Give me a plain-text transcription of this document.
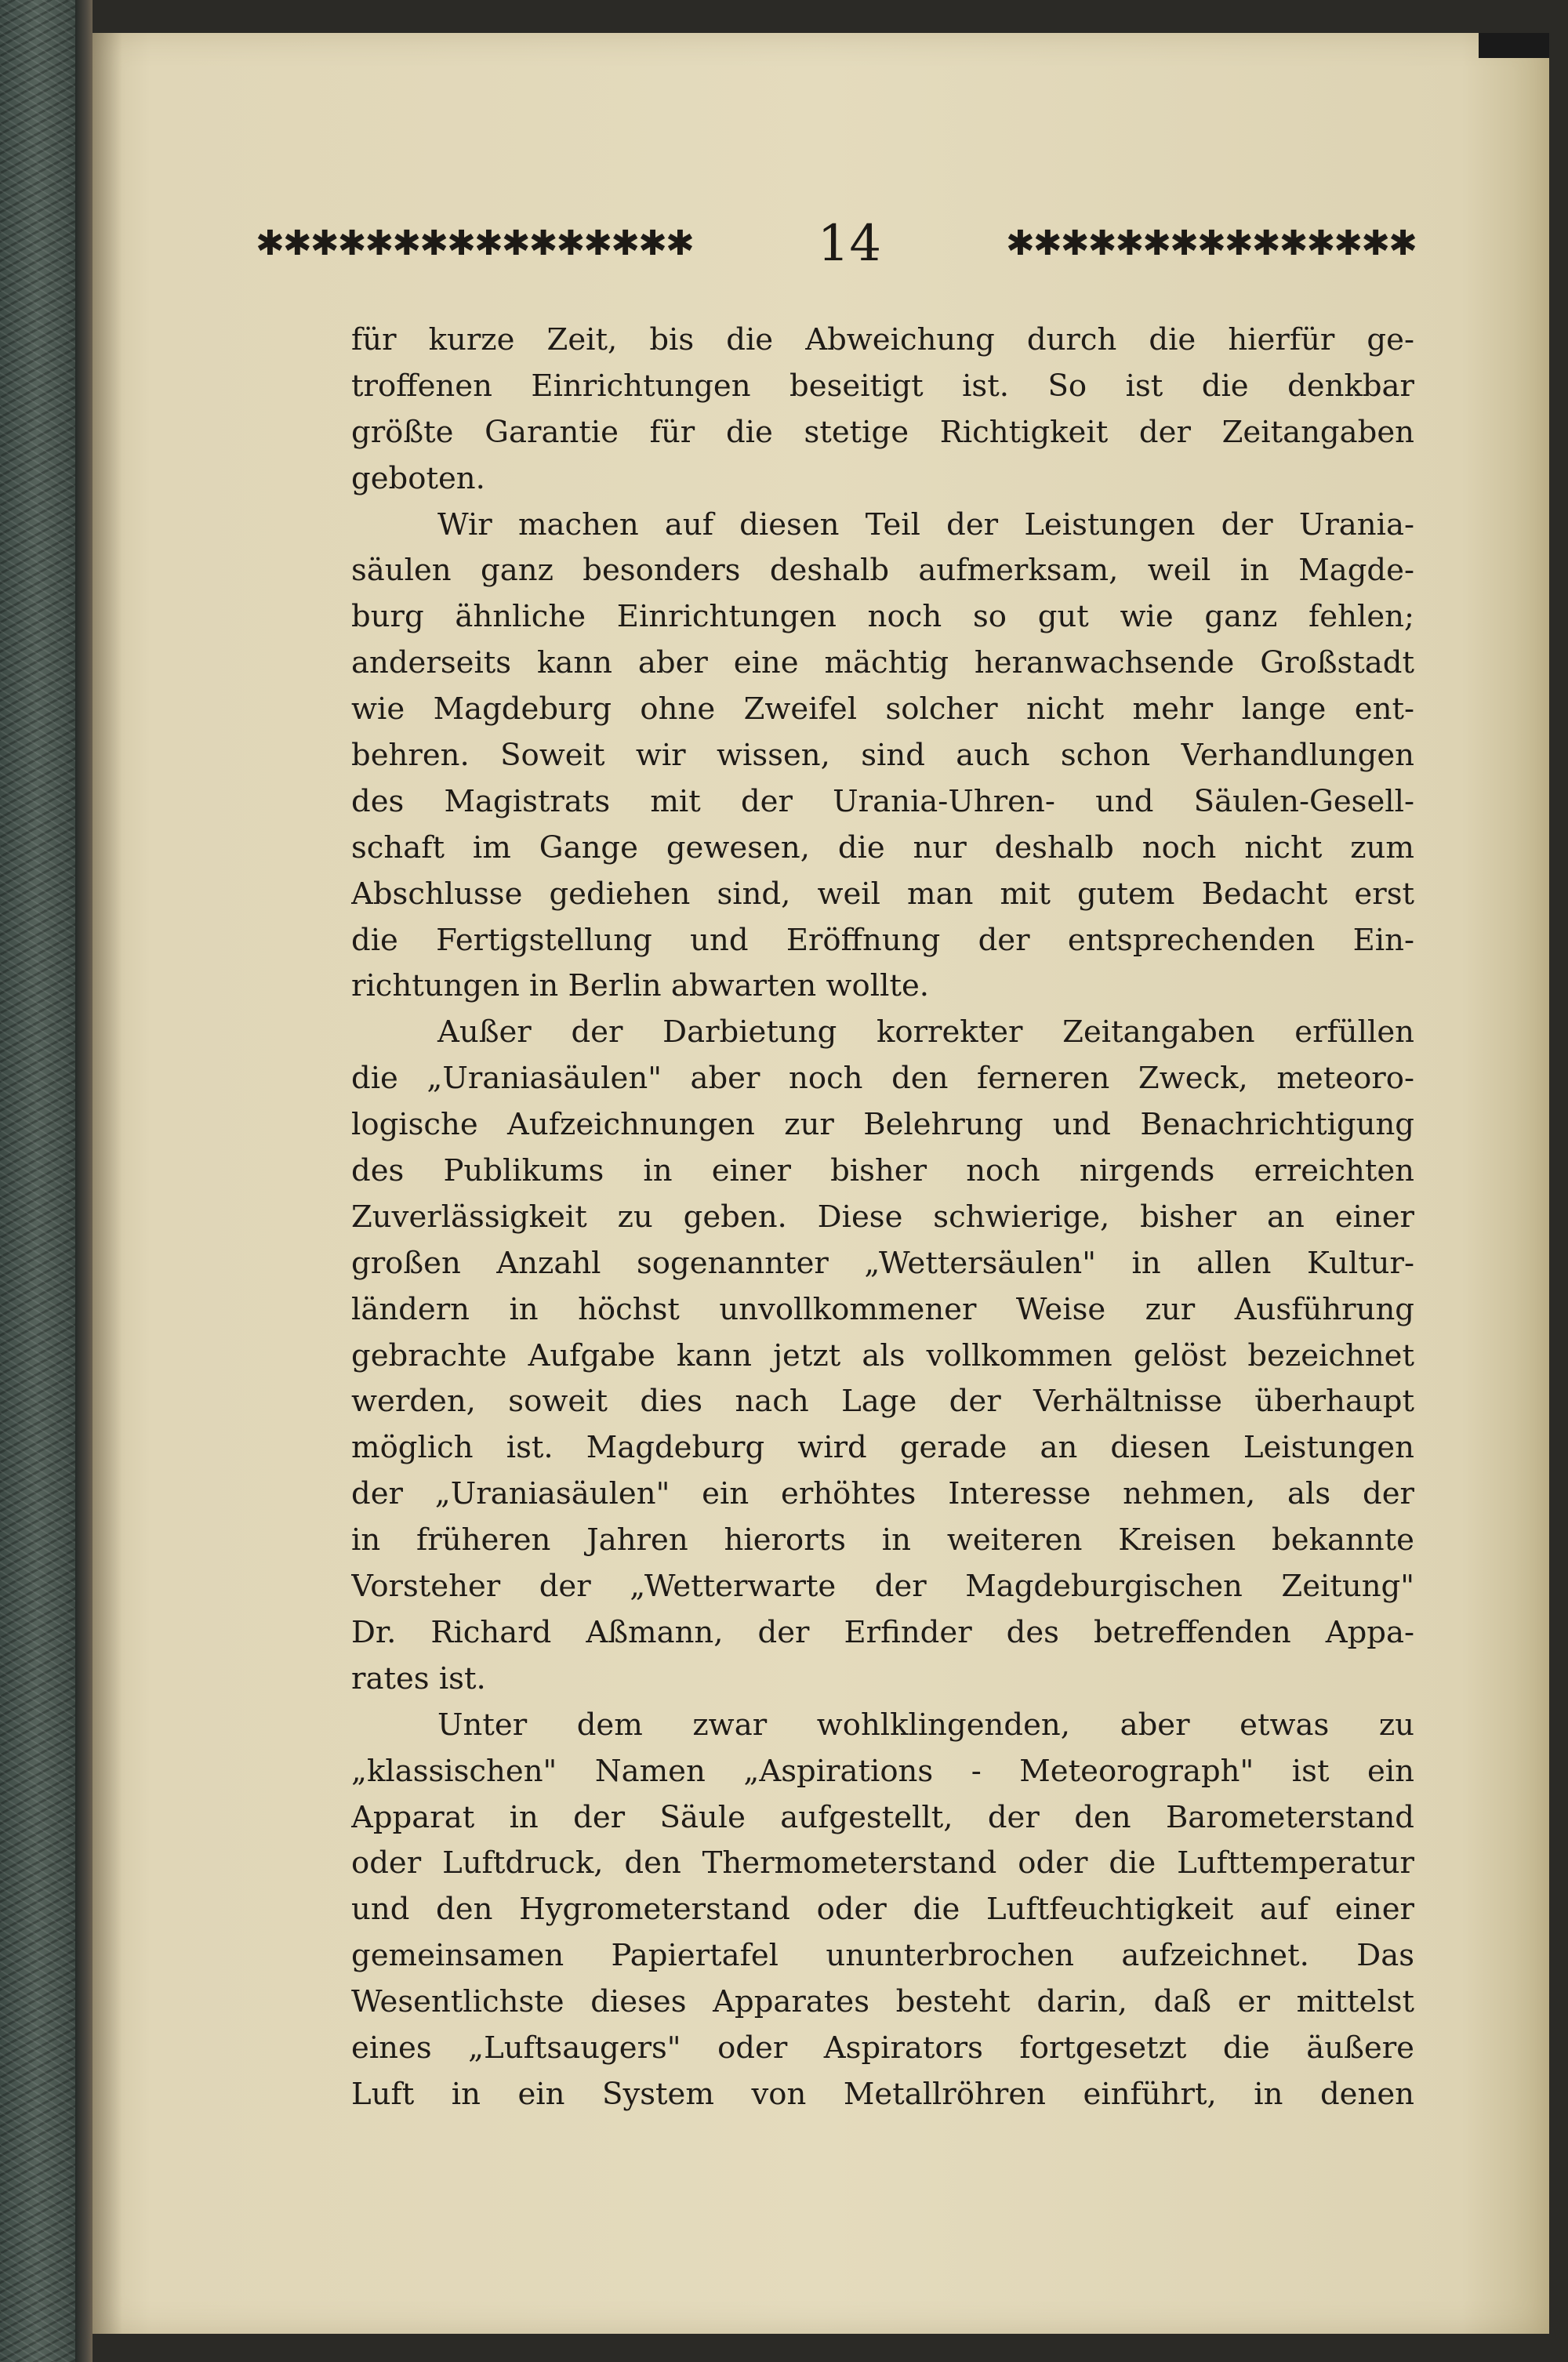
✱✱✱✱✱✱✱✱✱✱✱✱✱✱✱✱ 14	✱✱✱✱✱✱✱✱✱✱✱✱✱✱✱
für kurze Zeit, bis die Abweichung durch die hierfür ge-
troffenen Einrichtungen beseitigt ist. So ist die denkbar
größte Garantie für die stetige Richtigkeit der Zeitangaben
geboten.
Wir machen auf diesen Teil der Leistungen der Urania-
säulen ganz besonders deshalb aufmerksam, weil in Magde-
burg ähnliche Einrichtungen noch so gut wie ganz fehlen;
anderseits kann aber eine mächtig heranwachsende Großstadt
wie Magdeburg ohne Zweifel solcher nicht mehr lange ent-
behren. Soweit wir wissen, sind auch schon Verhandlungen
des Magistrats mit der Urania-Uhren- und Säulen-Gesell-
schaft im Gange gewesen, die nur deshalb noch nicht zum
Abschlusse gediehen sind, weil man mit gutem Bedacht erst
die Fertigstellung und Eröffnung der entsprechenden Ein-
richtungen in Berlin abwarten wollte.
Außer der Darbietung korrekter Zeitangaben erfüllen
die „Uraniasäulen" aber noch den ferneren Zweck, meteoro-
logische Aufzeichnungen zur Belehrung und Benachrichtigung
des Publikums in einer bisher noch nirgends erreichten
Zuverlässigkeit zu geben. Diese schwierige, bisher an einer
großen Anzahl sogenannter „Wettersäulen" in allen Kultur-
ländern in höchst unvollkommener Weise zur Ausführung
gebrachte Aufgabe kann jetzt als vollkommen gelöst bezeichnet
werden, soweit dies nach Lage der Verhältnisse überhaupt
möglich ist. Magdeburg wird gerade an diesen Leistungen
der „Uraniasäulen" ein erhöhtes Interesse nehmen, als der
in früheren Jahren hierorts in weiteren Kreisen bekannte
Vorsteher der „Wetterwarte der Magdeburgischen Zeitung"
Dr. Richard Aßmann, der Erfinder des betreffenden Appa-
rates ist.
Unter dem zwar wohlklingenden, aber etwas zu
„klassischen" Namen „Aspirations - Meteorograph" ist ein
Apparat in der Säule aufgestellt, der den Barometerstand
oder Luftdruck, den Thermometerstand oder die Lufttemperatur
und den Hygrometerstand oder die Luftfeuchtigkeit auf einer
gemeinsamen Papiertafel ununterbrochen aufzeichnet. Das
Wesentlichste dieses Apparates besteht darin, daß er mittelst
eines „Luftsaugers" oder Aspirators fortgesetzt die äußere
Luft in ein System von Metallröhren einführt, in denen
